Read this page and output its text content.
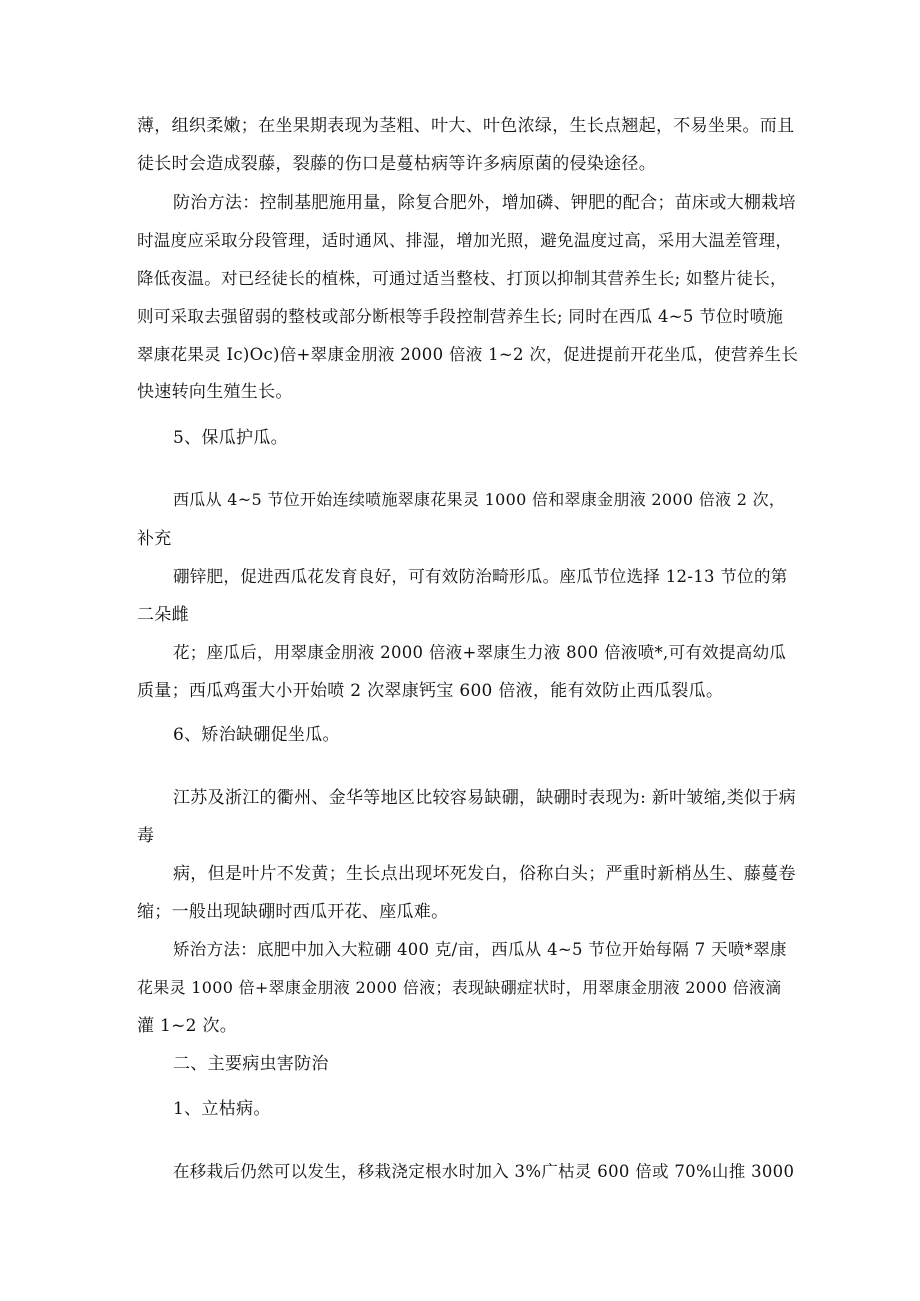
薄，组织柔嫩；在坐果期表现为茎粗、叶大、叶色浓绿，生长点翘起，不易坐果。而且
徒长时会造成裂藤，裂藤的伤口是蔓枯病等许多病原菌的侵染途径。
防治方法：控制基肥施用量，除复合肥外，增加磷、钾肥的配合；苗床或大棚栽培
时温度应采取分段管理，适时通风、排湿，增加光照，避免温度过高，采用大温差管理，
降低夜温。对已经徒长的植株，可通过适当整枝、打顶以抑制其营养生长; 如整片徒长，
则可采取去强留弱的整枝或部分断根等手段控制营养生长; 同时在西瓜 4~5 节位时喷施
翠康花果灵 Ic)Oc)倍+翠康金朋液 2000 倍液 1~2 次，促进提前开花坐瓜，使营养生长
快速转向生殖生长。
5、保瓜护瓜。
西瓜从 4~5 节位开始连续喷施翠康花果灵 1000 倍和翠康金朋液 2000 倍液 2 次，
补充
硼锌肥，促进西瓜花发育良好，可有效防治畸形瓜。座瓜节位选择 12-13 节位的第
二朵雌
花；座瓜后，用翠康金朋液 2000 倍液+翠康生力液 800 倍液喷*,可有效提高幼瓜
质量；西瓜鸡蛋大小开始喷 2 次翠康钙宝 600 倍液，能有效防止西瓜裂瓜。
6、矫治缺硼促坐瓜。
江苏及浙江的衢州、金华等地区比较容易缺硼，缺硼时表现为: 新叶皱缩,类似于病
毒
病，但是叶片不发黄；生长点出现坏死发白，俗称白头；严重时新梢丛生、藤蔓卷
缩；一般出现缺硼时西瓜开花、座瓜难。
矫治方法：底肥中加入大粒硼 400 克/亩，西瓜从 4~5 节位开始每隔 7 天喷*翠康
花果灵 1000 倍+翠康金朋液 2000 倍液；表现缺硼症状时，用翠康金朋液 2000 倍液滴
灌 1~2 次。
二、主要病虫害防治
1、立枯病。
在移栽后仍然可以发生，移栽浇定根水时加入 3%广枯灵 600 倍或 70%山推 3000
